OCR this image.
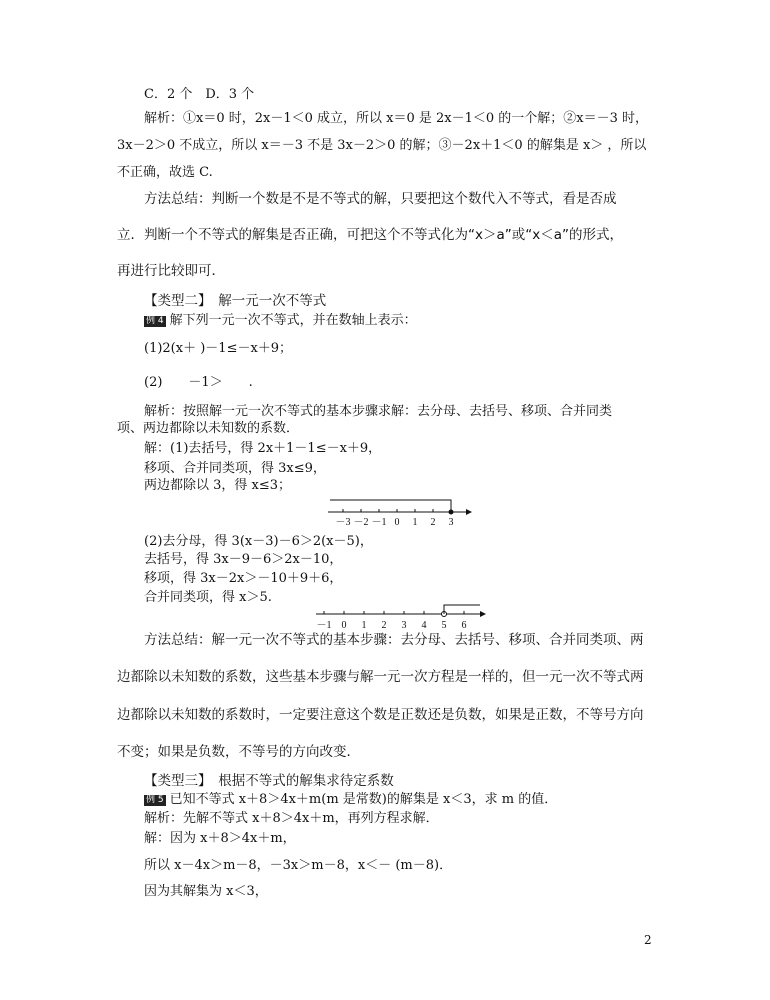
C．2 个　D．3 个
解析：①x＝0 时，2x－1＜0 成立，所以 x＝0 是 2x－1＜0 的一个解；②x＝－3 时，
3x－2＞0 不成立，所以 x＝－3 不是 3x－2＞0 的解；③－2x＋1＜0 的解集是 x＞ ，所以
不正确，故选 C.
方法总结：判断一个数是不是不等式的解，只要把这个数代入不等式，看是否成
立．判断一个不等式的解集是否正确，可把这个不等式化为“x＞a”或“x＜a”的形式，
再进行比较即可．
【类型二】　解一元一次不等式
例 4 解下列一元一次不等式，并在数轴上表示：
(1)2(x＋ )－1≤－x＋9；
(2)　　－1＞　　.
解析：按照解一元一次不等式的基本步骤求解：去分母、去括号、移项、合并同类
项、两边都除以未知数的系数．
解：(1)去括号，得 2x＋1－1≤－x＋9，
移项、合并同类项，得 3x≤9，
两边都除以 3，得 x≤3；
－3 －2 －1 0 1 2 3
(2)去分母，得 3(x－3)－6＞2(x－5)，
去括号，得 3x－9－6＞2x－10，
移项，得 3x－2x＞－10＋9＋6，
合并同类项，得 x＞5.
－1 0 1 2 3 4 5 6
方法总结：解一元一次不等式的基本步骤：去分母、去括号、移项、合并同类项、两
边都除以未知数的系数，这些基本步骤与解一元一次方程是一样的，但一元一次不等式两
边都除以未知数的系数时，一定要注意这个数是正数还是负数，如果是正数，不等号方向
不变；如果是负数，不等号的方向改变．
【类型三】　根据不等式的解集求待定系数
例 5 已知不等式 x＋8＞4x＋m(m 是常数)的解集是 x＜3，求 m 的值．
解析：先解不等式 x＋8＞4x＋m，再列方程求解．
解：因为 x＋8＞4x＋m，
所以 x－4x＞m－8，－3x＞m－8，x＜－ (m－8)．
因为其解集为 x＜3，
2
